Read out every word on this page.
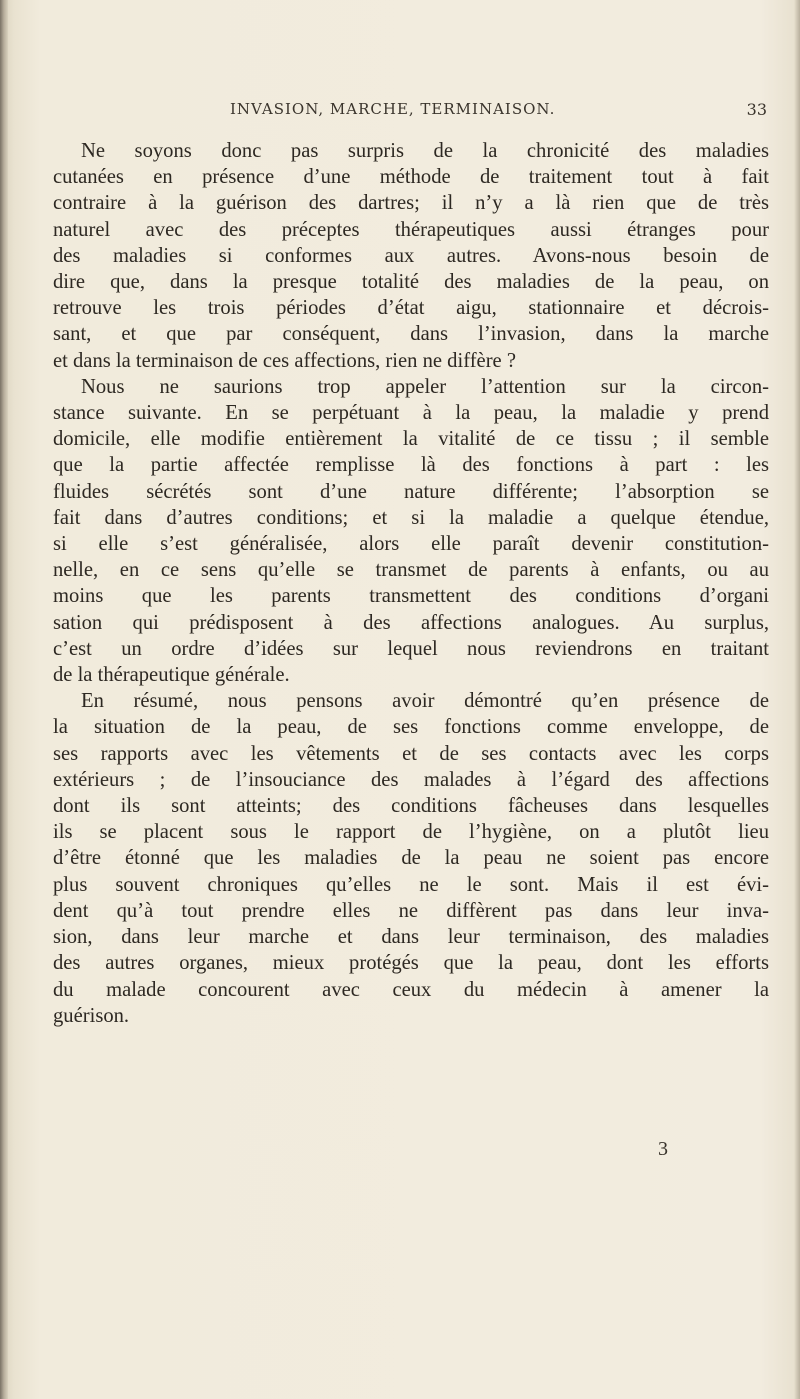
INVASION, MARCHE, TERMINAISON.	33
Ne soyons donc pas surpris de la chronicité des maladies
cutanées en présence d’une méthode de traitement tout à fait
contraire à la guérison des dartres; il n’y a là rien que de très
naturel avec des préceptes thérapeutiques aussi étranges pour
des maladies si conformes aux autres. Avons-nous besoin de
dire que, dans la presque totalité des maladies de la peau, on
retrouve les trois périodes d’état aigu, stationnaire et décrois-
sant, et que par conséquent, dans l’invasion, dans la marche
et dans la terminaison de ces affections, rien ne diffère ?
Nous ne saurions trop appeler l’attention sur la circon-
stance suivante. En se perpétuant à la peau, la maladie y prend
domicile, elle modifie entièrement la vitalité de ce tissu ; il semble
que la partie affectée remplisse là des fonctions à part : les
fluides sécrétés sont d’une nature différente; l’absorption se
fait dans d’autres conditions; et si la maladie a quelque étendue,
si elle s’est généralisée, alors elle paraît devenir constitution-
nelle, en ce sens qu’elle se transmet de parents à enfants, ou au
moins que les parents transmettent des conditions d’organi
sation qui prédisposent à des affections analogues. Au surplus,
c’est un ordre d’idées sur lequel nous reviendrons en traitant
de la thérapeutique générale.
En résumé, nous pensons avoir démontré qu’en présence de
la situation de la peau, de ses fonctions comme enveloppe, de
ses rapports avec les vêtements et de ses contacts avec les corps
extérieurs ; de l’insouciance des malades à l’égard des affections
dont ils sont atteints; des conditions fâcheuses dans lesquelles
ils se placent sous le rapport de l’hygiène, on a plutôt lieu
d’être étonné que les maladies de la peau ne soient pas encore
plus souvent chroniques qu’elles ne le sont. Mais il est évi-
dent qu’à tout prendre elles ne diffèrent pas dans leur inva-
sion, dans leur marche et dans leur terminaison, des maladies
des autres organes, mieux protégés que la peau, dont les efforts
du malade concourent avec ceux du médecin à amener la
guérison.
3
